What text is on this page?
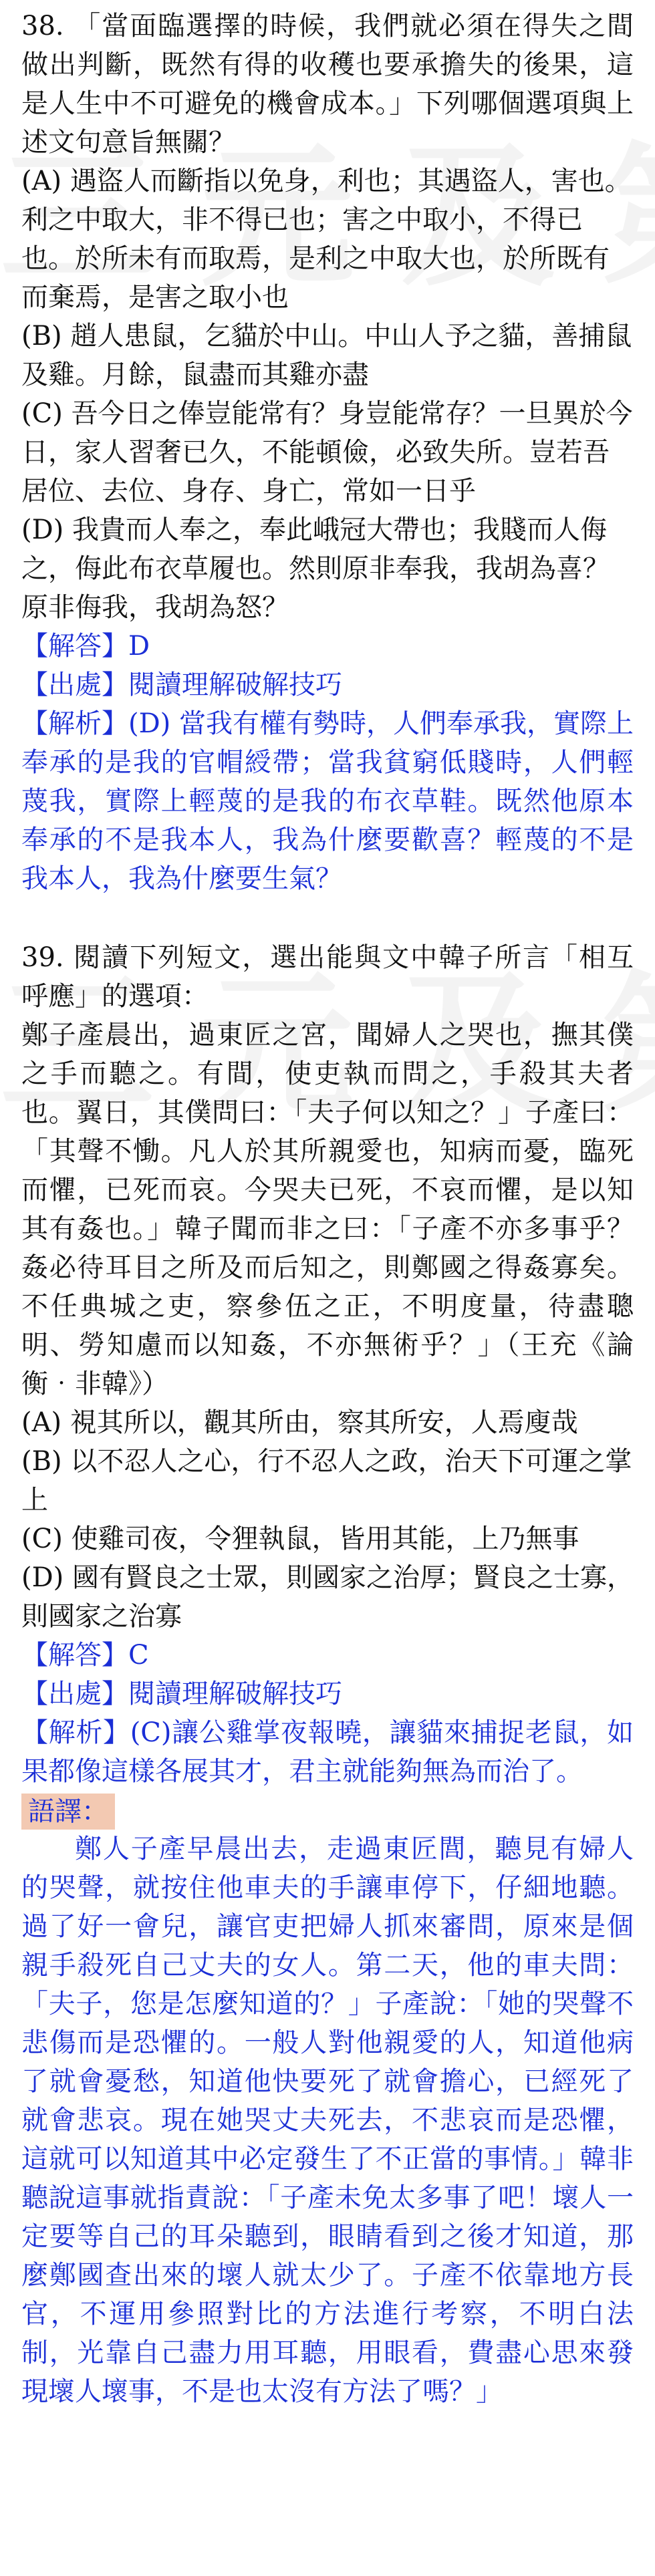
38. 「當面臨選擇的時候，我們就必須在得失之間做出判斷，既然有得的收穫也要承擔失的後果，這是人生中不可避免的機會成本。」下列哪個選項與上述文句意旨無關？

(A) 遇盜人而斷指以免身，利也；其遇盜人，害也。利之中取大，非不得已也；害之中取小，不得已也。於所未有而取焉，是利之中取大也，於所既有而棄焉，是害之取小也

(B) 趙人患鼠，乞貓於中山。中山人予之貓，善捕鼠及雞。月餘，鼠盡而其雞亦盡

(C) 吾今日之俸豈能常有？身豈能常存？一旦異於今日，家人習奢已久，不能頓儉，必致失所。豈若吾居位、去位、身存、身亡，常如一日乎

(D) 我貴而人奉之，奉此峨冠大帶也；我賤而人侮之，侮此布衣草履也。然則原非奉我，我胡為喜？原非侮我，我胡為怒？

【解答】D

【出處】閱讀理解破解技巧

【解析】(D) 當我有權有勢時，人們奉承我，實際上奉承的是我的官帽綬帶；當我貧窮低賤時，人們輕蔑我，實際上輕蔑的是我的布衣草鞋。既然他原本奉承的不是我本人，我為什麼要歡喜？輕蔑的不是我本人，我為什麼要生氣？

39. 閱讀下列短文，選出能與文中韓子所言「相互呼應」的選項：

鄭子產晨出，過東匠之宮，聞婦人之哭也，撫其僕之手而聽之。有間，使吏執而問之，手殺其夫者也。翼日，其僕問曰：「夫子何以知之？」子產曰：「其聲不慟。凡人於其所親愛也，知病而憂，臨死而懼，已死而哀。今哭夫已死，不哀而懼，是以知其有姦也。」韓子聞而非之曰：「子產不亦多事乎？姦必待耳目之所及而后知之，則鄭國之得姦寡矣。不任典城之吏，察參伍之正，不明度量，待盡聰明、勞知慮而以知姦，不亦無術乎？」（王充《論衡‧非韓》）

(A) 視其所以，觀其所由，察其所安，人焉廋哉

(B) 以不忍人之心，行不忍人之政，治天下可運之掌上

(C) 使雞司夜，令狸執鼠，皆用其能，上乃無事

(D) 國有賢良之士眾，則國家之治厚；賢良之士寡，則國家之治寡

【解答】C

【出處】閱讀理解破解技巧

【解析】(C)讓公雞掌夜報曉，讓貓來捕捉老鼠，如果都像這樣各展其才，君主就能夠無為而治了。

語譯：

鄭人子產早晨出去，走過東匠閭，聽見有婦人的哭聲，就按住他車夫的手讓車停下，仔細地聽。過了好一會兒，讓官吏把婦人抓來審問，原來是個親手殺死自己丈夫的女人。第二天，他的車夫問：「夫子，您是怎麼知道的？」子產說：「她的哭聲不悲傷而是恐懼的。一般人對他親愛的人，知道他病了就會憂愁，知道他快要死了就會擔心，已經死了就會悲哀。現在她哭丈夫死去，不悲哀而是恐懼，這就可以知道其中必定發生了不正當的事情。」韓非聽說這事就指責說：「子產未免太多事了吧！壞人一定要等自己的耳朵聽到，眼睛看到之後才知道，那麼鄭國查出來的壞人就太少了。子產不依靠地方長官，不運用參照對比的方法進行考察，不明白法制，光靠自己盡力用耳聽，用眼看，費盡心思來發現壞人壞事，不是也太沒有方法了嗎？」
